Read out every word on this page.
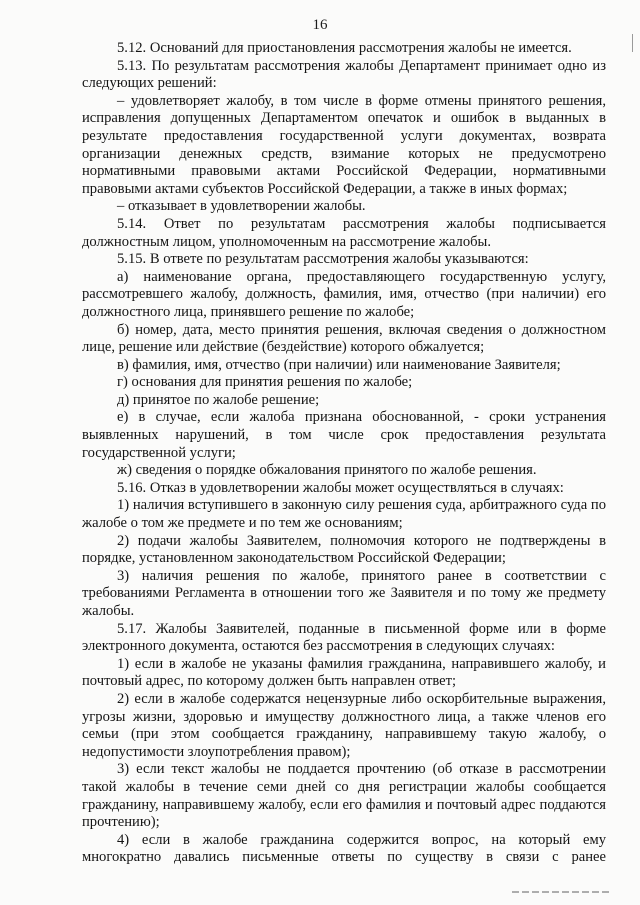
16

5.12. Оснований для приостановления рассмотрения жалобы не имеется.

5.13. По результатам рассмотрения жалобы Департамент принимает одно из следующих решений:

– удовлетворяет жалобу, в том числе в форме отмены принятого решения, исправления допущенных Департаментом опечаток и ошибок в выданных в результате предоставления государственной услуги документах, возврата организации денежных средств, взимание которых не предусмотрено нормативными правовыми актами Российской Федерации, нормативными правовыми актами субъектов Российской Федерации, а также в иных формах;

– отказывает в удовлетворении жалобы.

5.14. Ответ по результатам рассмотрения жалобы подписывается должностным лицом, уполномоченным на рассмотрение жалобы.

5.15. В ответе по результатам рассмотрения жалобы указываются:

а) наименование органа, предоставляющего государственную услугу, рассмотревшего жалобу, должность, фамилия, имя, отчество (при наличии) его должностного лица, принявшего решение по жалобе;

б) номер, дата, место принятия решения, включая сведения о должностном лице, решение или действие (бездействие) которого обжалуется;

в) фамилия, имя, отчество (при наличии) или наименование Заявителя;

г) основания для принятия решения по жалобе;

д) принятое по жалобе решение;

е) в случае, если жалоба признана обоснованной, - сроки устранения выявленных нарушений, в том числе срок предоставления результата государственной услуги;

ж) сведения о порядке обжалования принятого по жалобе решения.

5.16. Отказ в удовлетворении жалобы может осуществляться в случаях:

1) наличия вступившего в законную силу решения суда, арбитражного суда по жалобе о том же предмете и по тем же основаниям;

2) подачи жалобы Заявителем, полномочия которого не подтверждены в порядке, установленном законодательством Российской Федерации;

3) наличия решения по жалобе, принятого ранее в соответствии с требованиями Регламента в отношении того же Заявителя и по тому же предмету жалобы.

5.17. Жалобы Заявителей, поданные в письменной форме или в форме электронного документа, остаются без рассмотрения в следующих случаях:

1) если в жалобе не указаны фамилия гражданина, направившего жалобу, и почтовый адрес, по которому должен быть направлен ответ;

2) если в жалобе содержатся нецензурные либо оскорбительные выражения, угрозы жизни, здоровью и имуществу должностного лица, а также членов его семьи (при этом сообщается гражданину, направившему такую жалобу, о недопустимости злоупотребления правом);

3) если текст жалобы не поддается прочтению (об отказе в рассмотрении такой жалобы в течение семи дней со дня регистрации жалобы сообщается гражданину, направившему жалобу, если его фамилия и почтовый адрес поддаются прочтению);

4) если в жалобе гражданина содержится вопрос, на который ему многократно давались письменные ответы по существу в связи с ранее
